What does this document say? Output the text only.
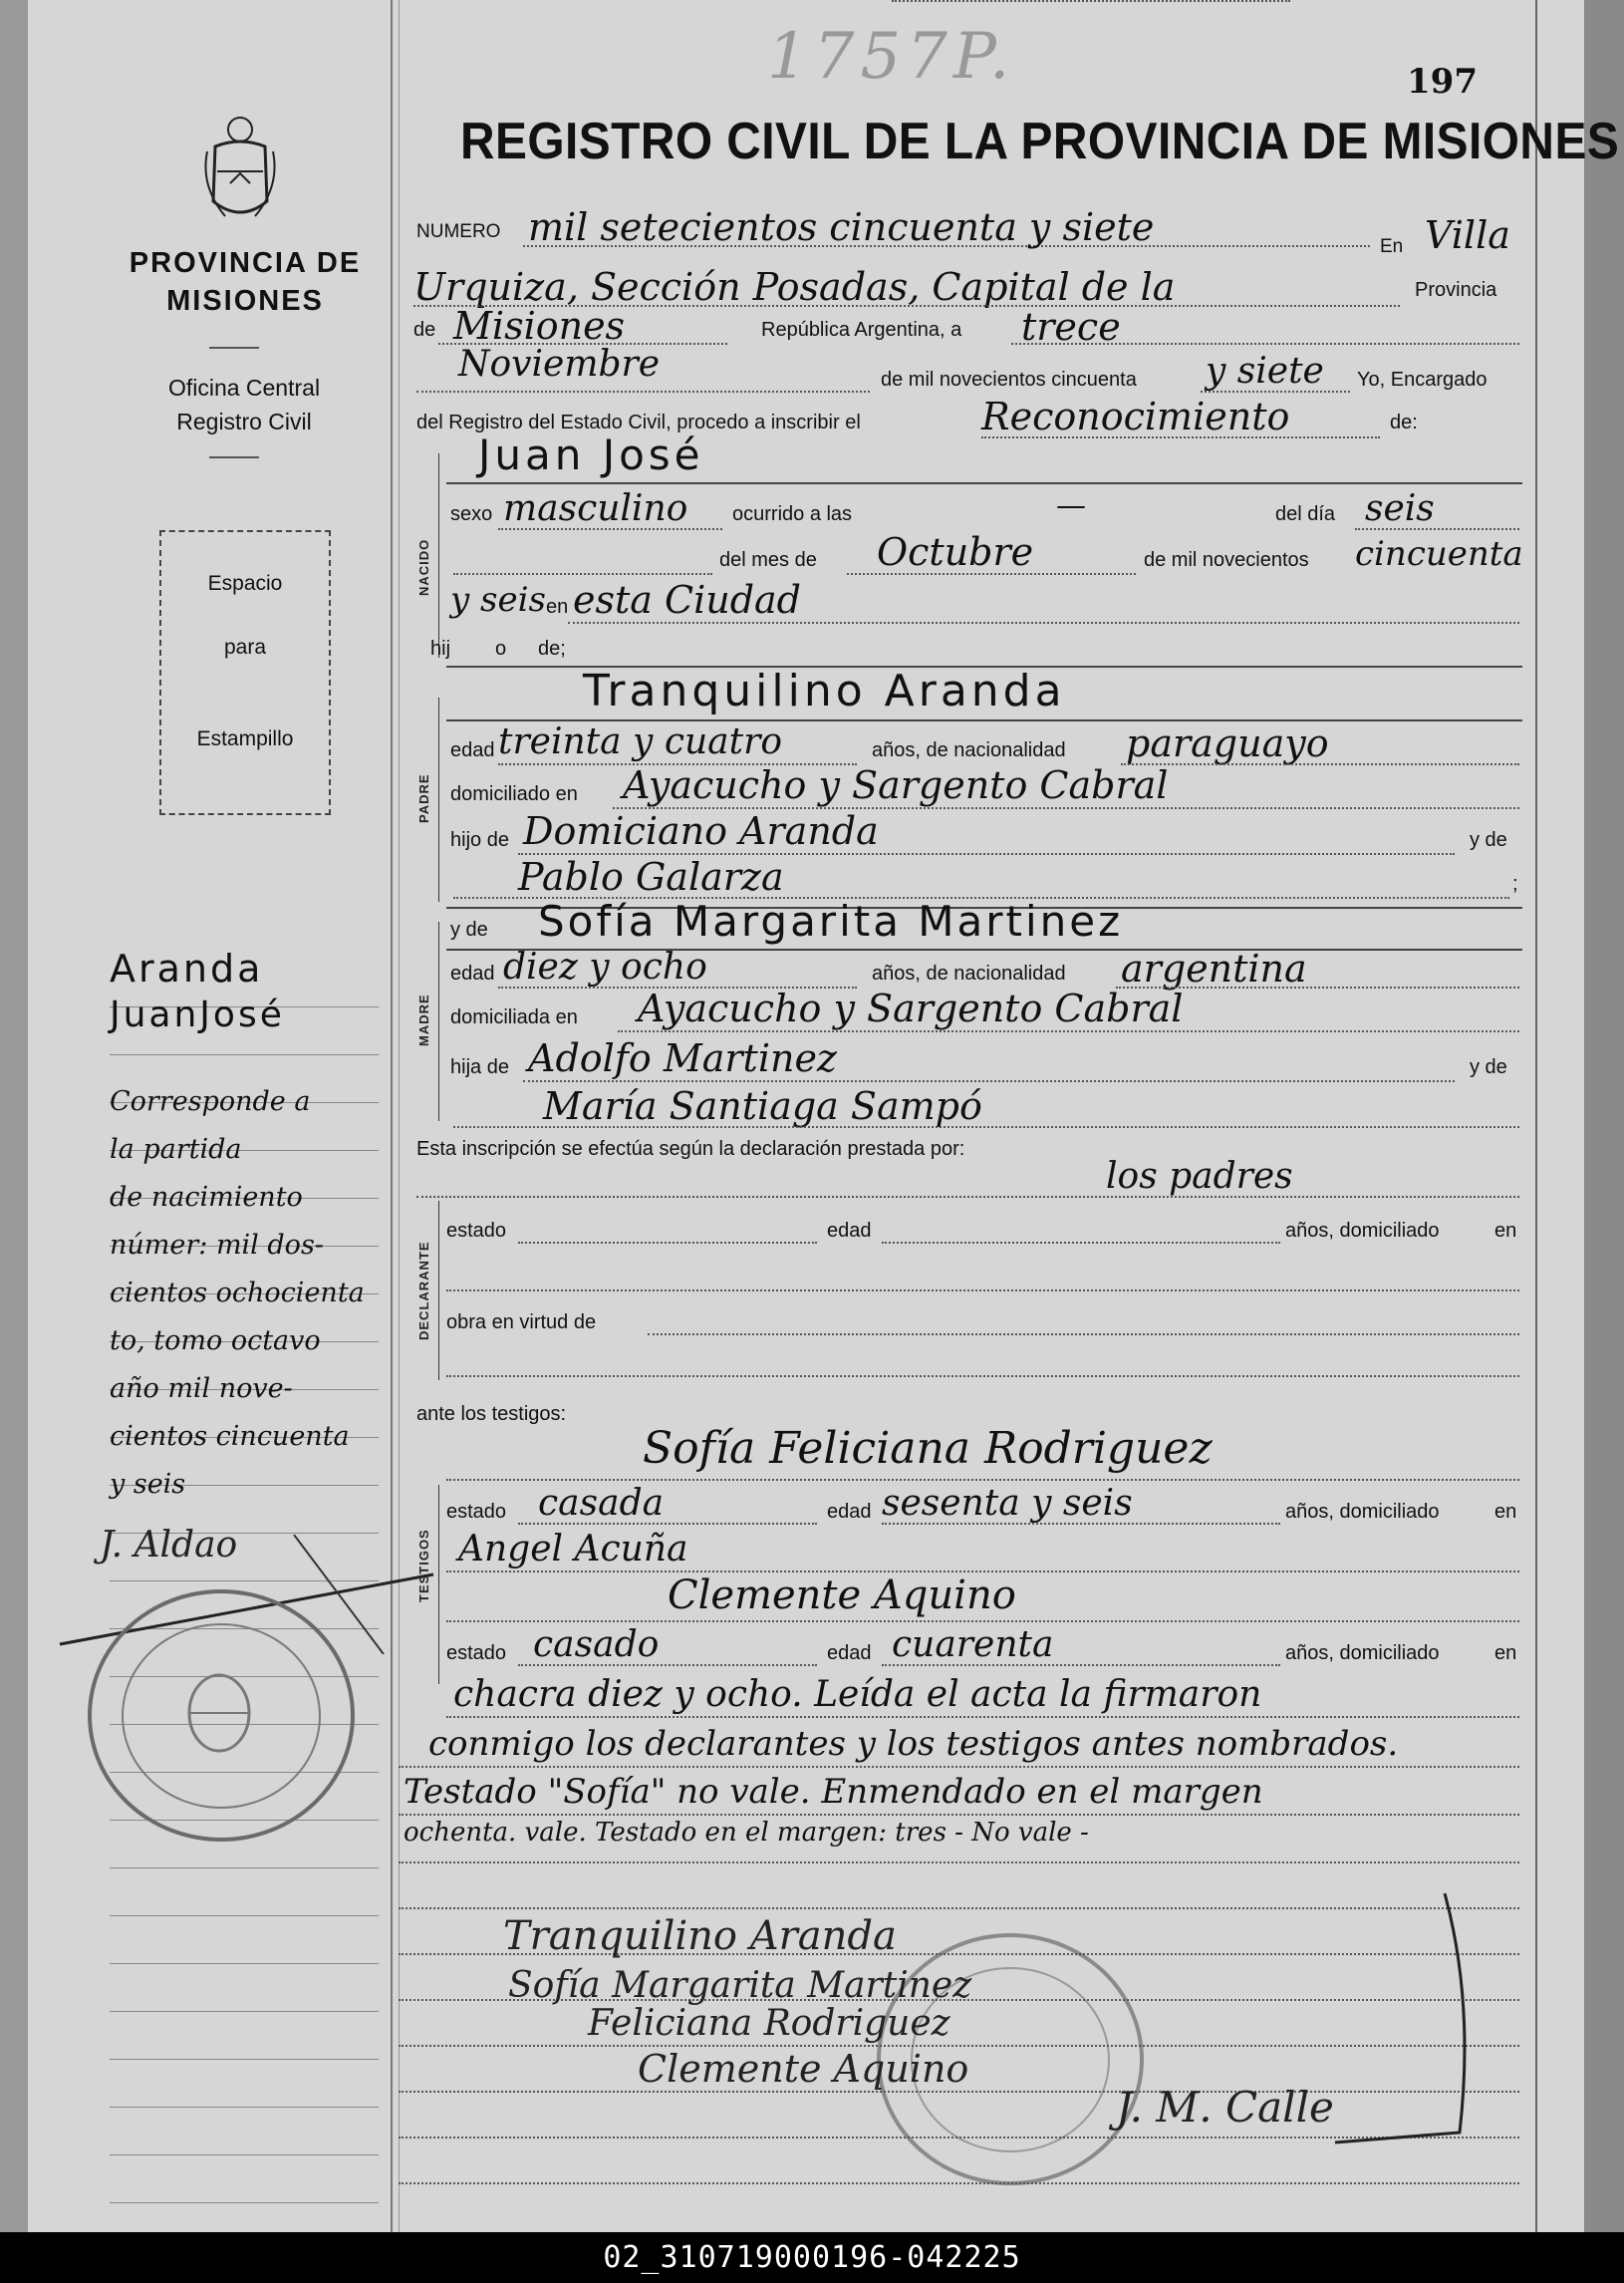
1757P.	197
REGISTRO CIVIL DE LA PROVINCIA DE MISIONES
PROVINCIA DE
MISIONES
Oficina Central
Registro Civil
Espacio
para
Estampillo
Aranda
JuanJosé
Corresponde a
la partida
de nacimiento
númer: mil dos-
cientos ochocienta
to, tomo octavo
año mil nove-
cientos cincuenta
y seis
J. Aldao
NACIDO
PADRE
MADRE
DECLARANTE
TESTIGOS
NUMERO mil setecientos cincuenta y siete	En Villa
Urquiza, Sección Posadas, Capital de la	Provincia
de Misiones	República Argentina, a trece
Noviembre	de mil novecientos cincuenta y siete Yo, Encargado
del Registro del Estado Civil, procedo a inscribir el	Reconocimiento	de:
Juan José
sexo masculino ocurrido a las	—	del día seis
del mes de Octubre	de mil novecientos cincuenta
y seis en esta Ciudad
hij o de;
Tranquilino Aranda
edad treinta y cuatro	años, de nacionalidad paraguayo
domiciliado en Ayacucho y Sargento Cabral
hijo de Domiciano Aranda	y de
Pablo Galarza	;
y de Sofía Margarita Martinez
edad diez y ocho	años, de nacionalidad argentina
domiciliada en Ayacucho y Sargento Cabral
hija de Adolfo Martinez	y de
María Santiaga Sampó
Esta inscripción se efectúa según la declaración prestada por:
los padres
estado	edad	años, domiciliado	en
obra en virtud de
ante los testigos:
Sofía Feliciana Rodriguez
estado casada	edad sesenta y seis	años, domiciliado	en
Angel Acuña
Clemente Aquino
estado casado	edad cuarenta	años, domiciliado	en
chacra diez y ocho. Leída el acta la firmaron
conmigo los declarantes y los testigos antes nombrados.
Testado "Sofía" no vale. Enmendado en el margen
ochenta. vale. Testado en el margen: tres - No vale -
Tranquilino Aranda
Sofía Margarita Martinez
Feliciana Rodriguez
Clemente Aquino
J. M. Calle
02_310719000196-042225
